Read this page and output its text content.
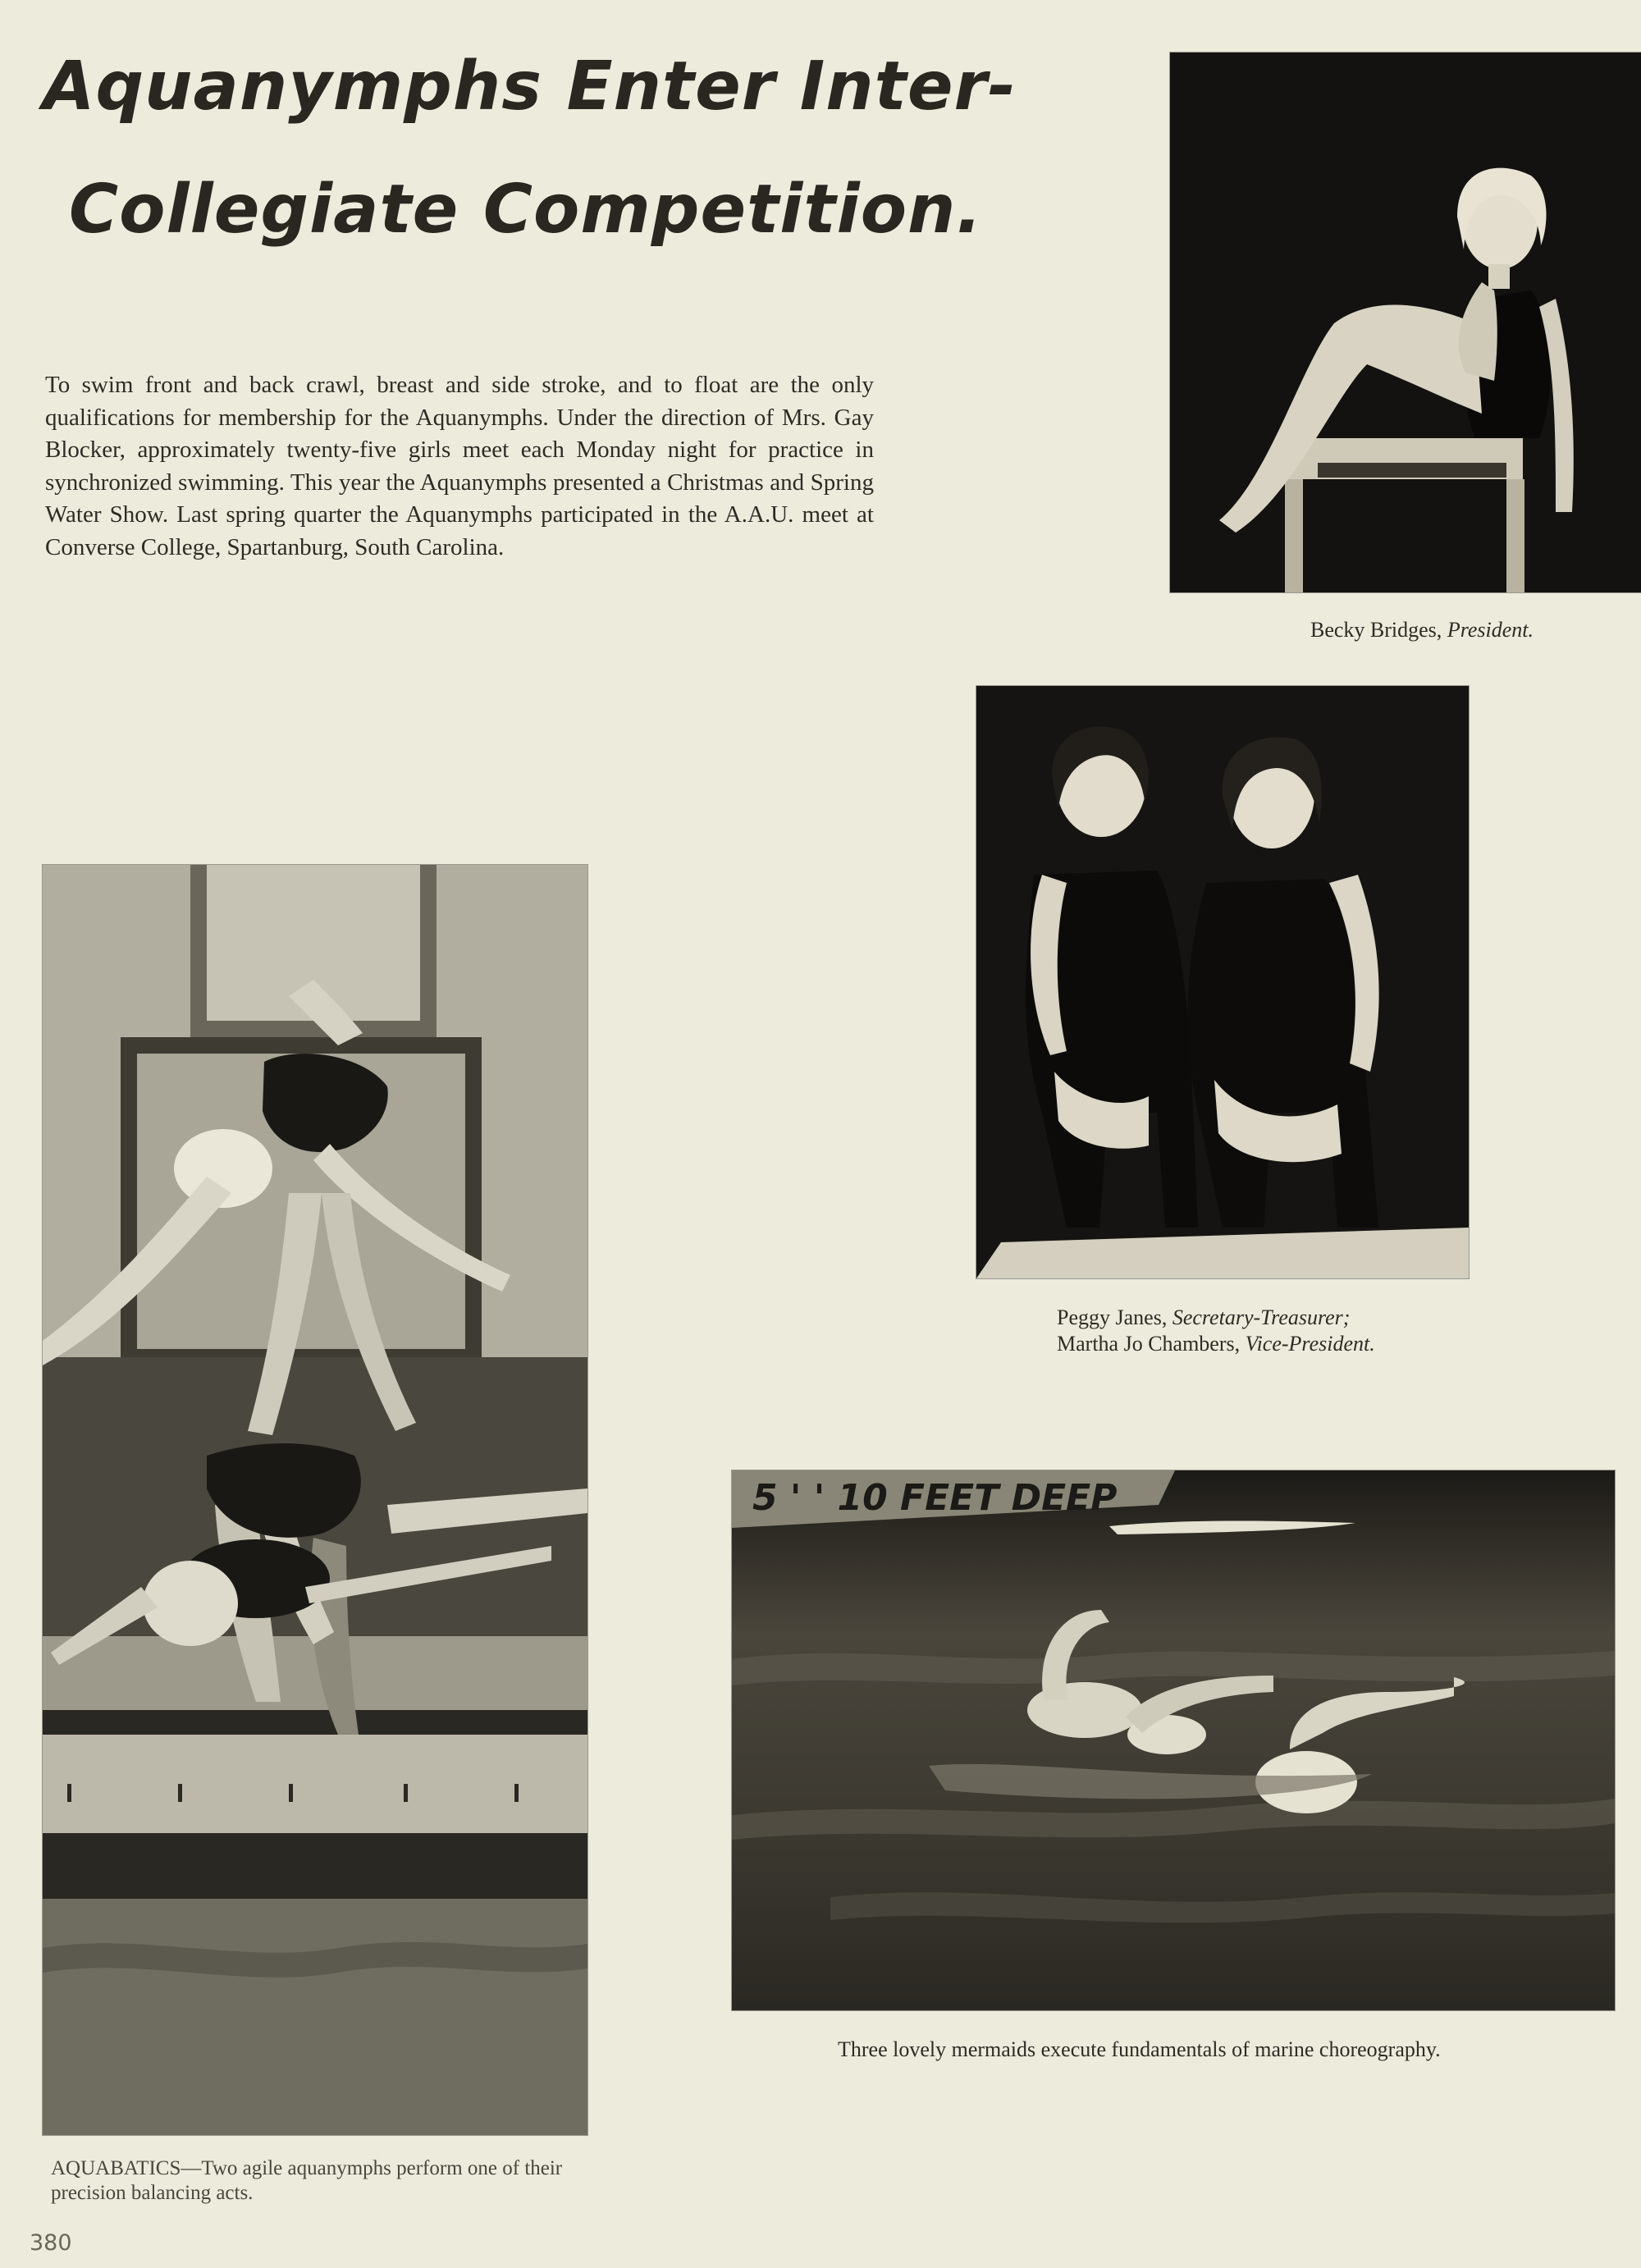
Aquanymphs Enter Inter-
Collegiate Competition.

To swim front and back crawl, breast and side stroke, and to float are the only qualifications for membership for the Aquanymphs. Under the direction of Mrs. Gay Blocker, approximately twenty-five girls meet each Monday night for practice in synchronized swimming. This year the Aquanymphs presented a Christmas and Spring Water Show. Last spring quarter the Aquanymphs participated in the A.A.U. meet at Converse College, Spartanburg, South Carolina.

Becky Bridges, President.

Peggy Janes, Secretary-Treasurer;
Martha Jo Chambers, Vice-President.

AQUABATICS—Two agile aquanymphs perform one of their precision balancing acts.

5 ' ' 10 FEET DEEP

Three lovely mermaids execute fundamentals of marine choreography.

380
